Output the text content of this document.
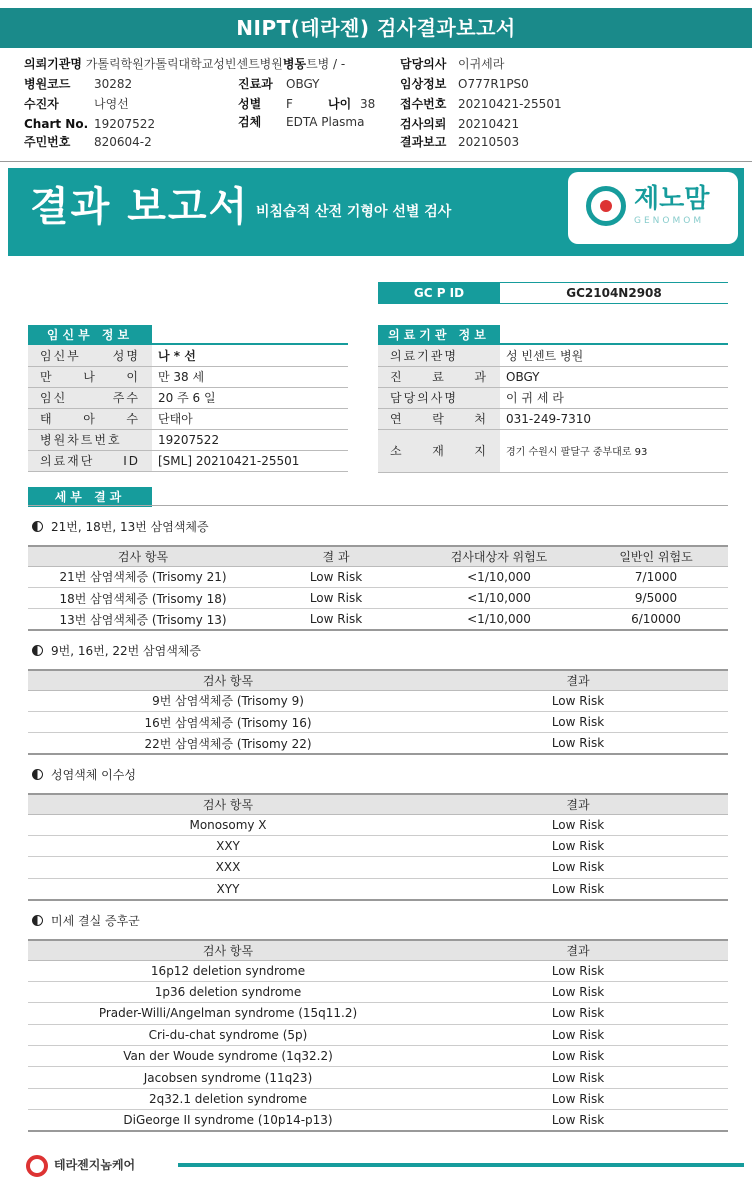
NIPT(테라젠) 검사결과보고서
의뢰기관명 가톨릭학원가톨릭대학교성빈센트병원병동트병 / -
병원코드 30282	진료과 OBGY
수진자	나영선	성별 F	나이 38
Chart No. 19207522	검체 EDTA Plasma
주민번호 820604-2
담당의사 이귀세라
임상정보 O777R1PS0
접수번호 20210421-25501
검사의뢰 20210421
결과보고 20210503
결과 보고서 비침습적 산전 기형아 선별 검사	제노맘
GENOMOM
GC P ID	GC2104N2908
임신부 정보
임신부 성명	나 * 선
만 나 이	만 38 세
임신 주수	20 주 6 일
태 아 수	단태아
병원차트번호	19207522
의료재단 ID	[SML] 20210421-25501
의료기관 정보
의료기관명	성 빈센트 병원
진 료 과	OBGY
담당의사명	이 귀 세 라
연 락 처	031-249-7310
소 재 지	경기 수원시 팔달구 중부대로 93
세부 결과
21번, 18번, 13번 삼염색체증
검사 항목	결 과	검사대상자 위험도	일반인 위험도
21번 삼염색체증 (Trisomy 21)	Low Risk	<1/10,000	7/1000
18번 삼염색체증 (Trisomy 18)	Low Risk	<1/10,000	9/5000
13번 삼염색체증 (Trisomy 13)	Low Risk	<1/10,000	6/10000
9번, 16번, 22번 삼염색체증
검사 항목	결과
9번 삼염색체증 (Trisomy 9)	Low Risk
16번 삼염색체증 (Trisomy 16)	Low Risk
22번 삼염색체증 (Trisomy 22)	Low Risk
성염색체 이수성
검사 항목	결과
Monosomy X	Low Risk
XXY	Low Risk
XXX	Low Risk
XYY	Low Risk
미세 결실 증후군
검사 항목	결과
16p12 deletion syndrome	Low Risk
1p36 deletion syndrome	Low Risk
Prader-Willi/Angelman syndrome (15q11.2)	Low Risk
Cri-du-chat syndrome (5p)	Low Risk
Van der Woude syndrome (1q32.2)	Low Risk
Jacobsen syndrome (11q23)	Low Risk
2q32.1 deletion syndrome	Low Risk
DiGeorge II syndrome (10p14-p13)	Low Risk
테라젠지놈케어
